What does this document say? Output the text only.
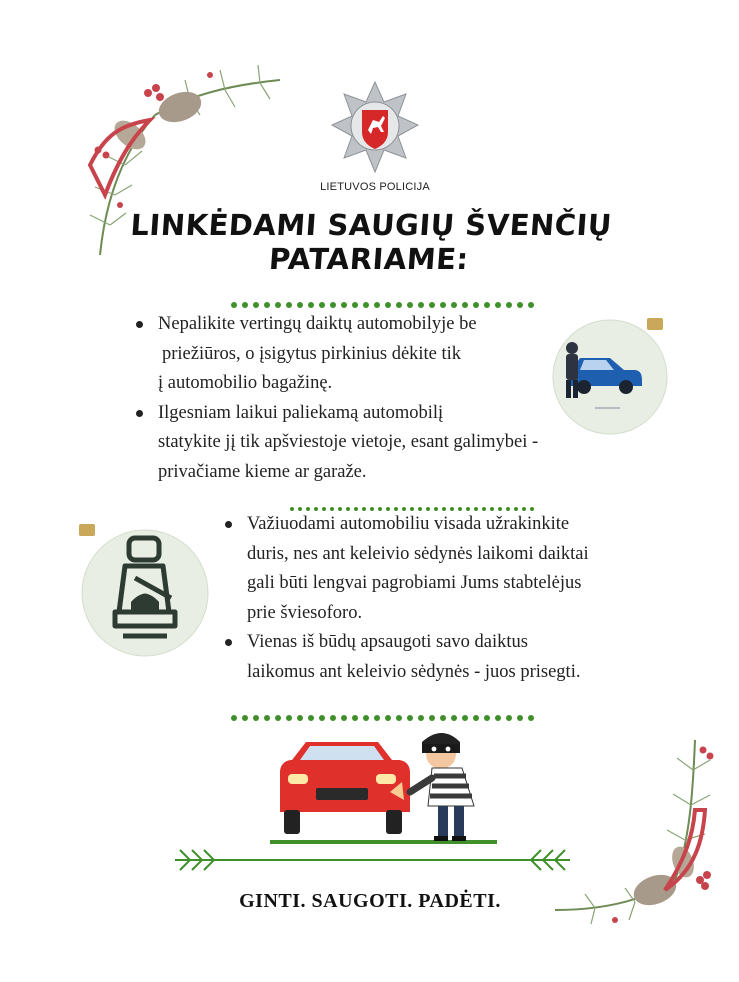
LIETUVOS POLICIJA
LINKĖDAMI SAUGIŲ ŠVENČIŲ
PATARIAME:
Nepalikite vertingų daiktų automobilyje be
priežiūros, o įsigytus pirkinius dėkite tik
į automobilio bagažinę.
Ilgesniam laikui paliekamą automobilį
statykite jį tik apšviestoje vietoje, esant galimybei -
privačiame kieme ar garaže.
Važiuodami automobiliu visada užrakinkite
duris, nes ant keleivio sėdynės laikomi daiktai
gali būti lengvai pagrobiami Jums stabtelėjus
prie šviesoforo.
Vienas iš būdų apsaugoti savo daiktus
laikomus ant keleivio sėdynės - juos prisegti.
GINTI. SAUGOTI. PADĖTI.
